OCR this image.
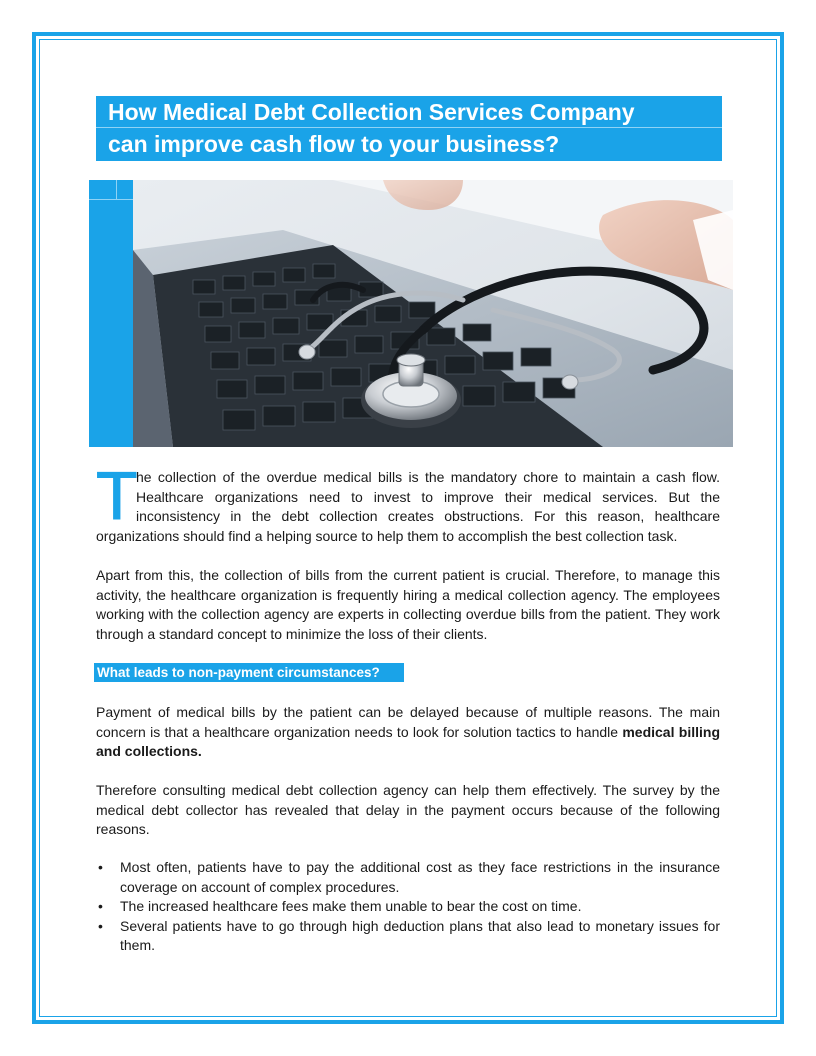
How Medical Debt Collection Services Company
can improve cash flow to your business?
T
he collection of the overdue medical bills is the mandatory chore to maintain a cash flow. Healthcare organizations need to invest to improve their medical services. But the inconsistency in the debt collection creates obstructions. For this reason, healthcare organizations should find a helping source to help them to accomplish the best collection task.

Apart from this, the collection of bills from the current patient is crucial. Therefore, to manage this activity, the healthcare organization is frequently hiring a medical collection agency. The employees working with the collection agency are experts in collecting overdue bills from the patient. They work through a standard concept to minimize the loss of their clients.

What leads to non-payment circumstances?

Payment of medical bills by the patient can be delayed because of multiple reasons. The main concern is that a healthcare organization needs to look for solution tactics to handle medical billing and collections.

Therefore consulting medical debt collection agency can help them effectively. The survey by the medical debt collector has revealed that delay in the payment occurs because of the following reasons.

• Most often, patients have to pay the additional cost as they face restrictions in the insurance coverage on account of complex procedures.
• The increased healthcare fees make them unable to bear the cost on time.
• Several patients have to go through high deduction plans that also lead to monetary issues for them.
